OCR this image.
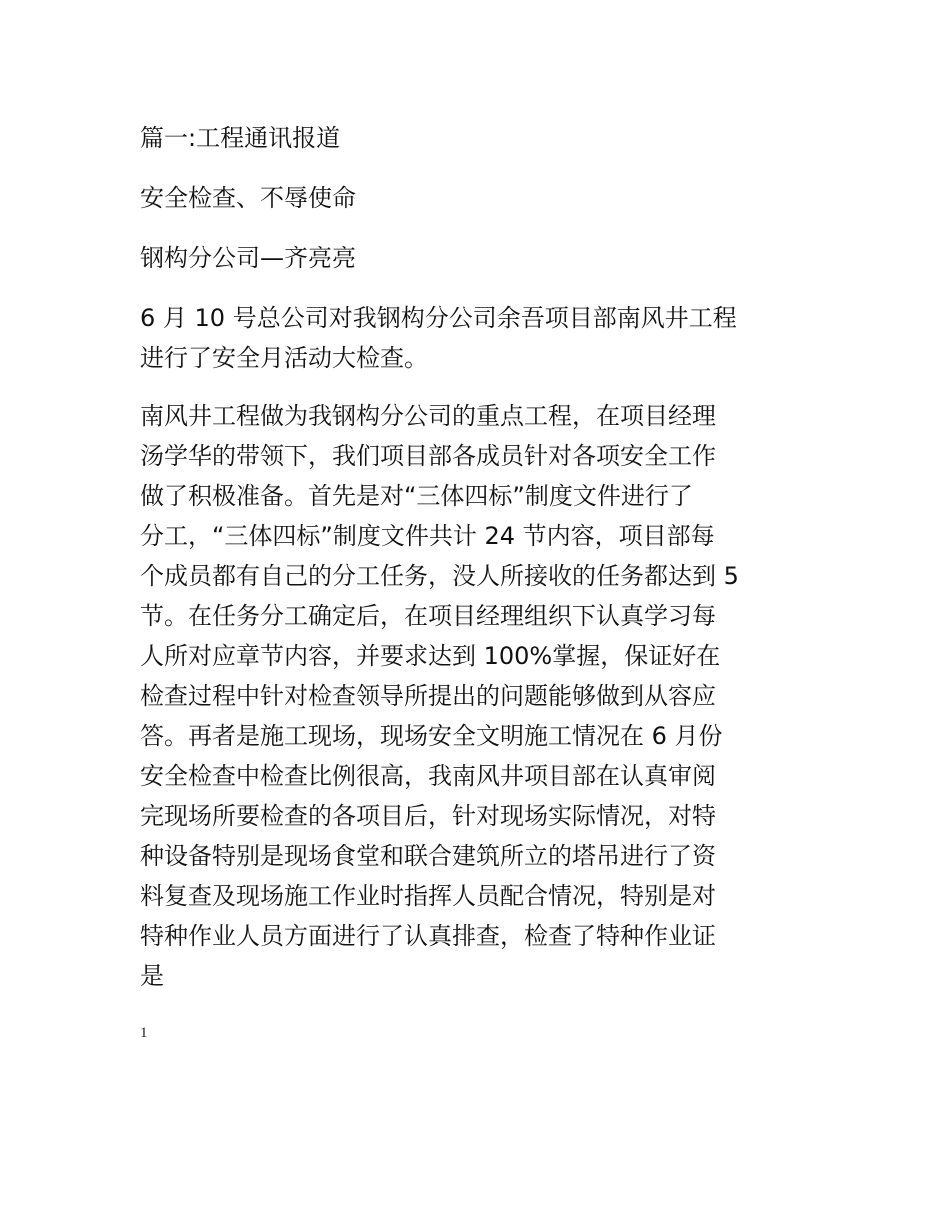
篇一:工程通讯报道

安全检查、不辱使命

钢构分公司—齐亮亮

6 月 10 号总公司对我钢构分公司余吾项目部南风井工程

进行了安全月活动大检查。

南风井工程做为我钢构分公司的重点工程，在项目经理

汤学华的带领下，我们项目部各成员针对各项安全工作

做了积极准备。首先是对“三体四标”制度文件进行了

分工，“三体四标”制度文件共计 24 节内容，项目部每

个成员都有自己的分工任务，没人所接收的任务都达到 5

节。在任务分工确定后，在项目经理组织下认真学习每

人所对应章节内容，并要求达到 100%掌握，保证好在

检查过程中针对检查领导所提出的问题能够做到从容应

答。再者是施工现场，现场安全文明施工情况在 6 月份

安全检查中检查比例很高，我南风井项目部在认真审阅

完现场所要检查的各项目后，针对现场实际情况，对特

种设备特别是现场食堂和联合建筑所立的塔吊进行了资

料复查及现场施工作业时指挥人员配合情况，特别是对

特种作业人员方面进行了认真排查，检查了特种作业证

是

1
